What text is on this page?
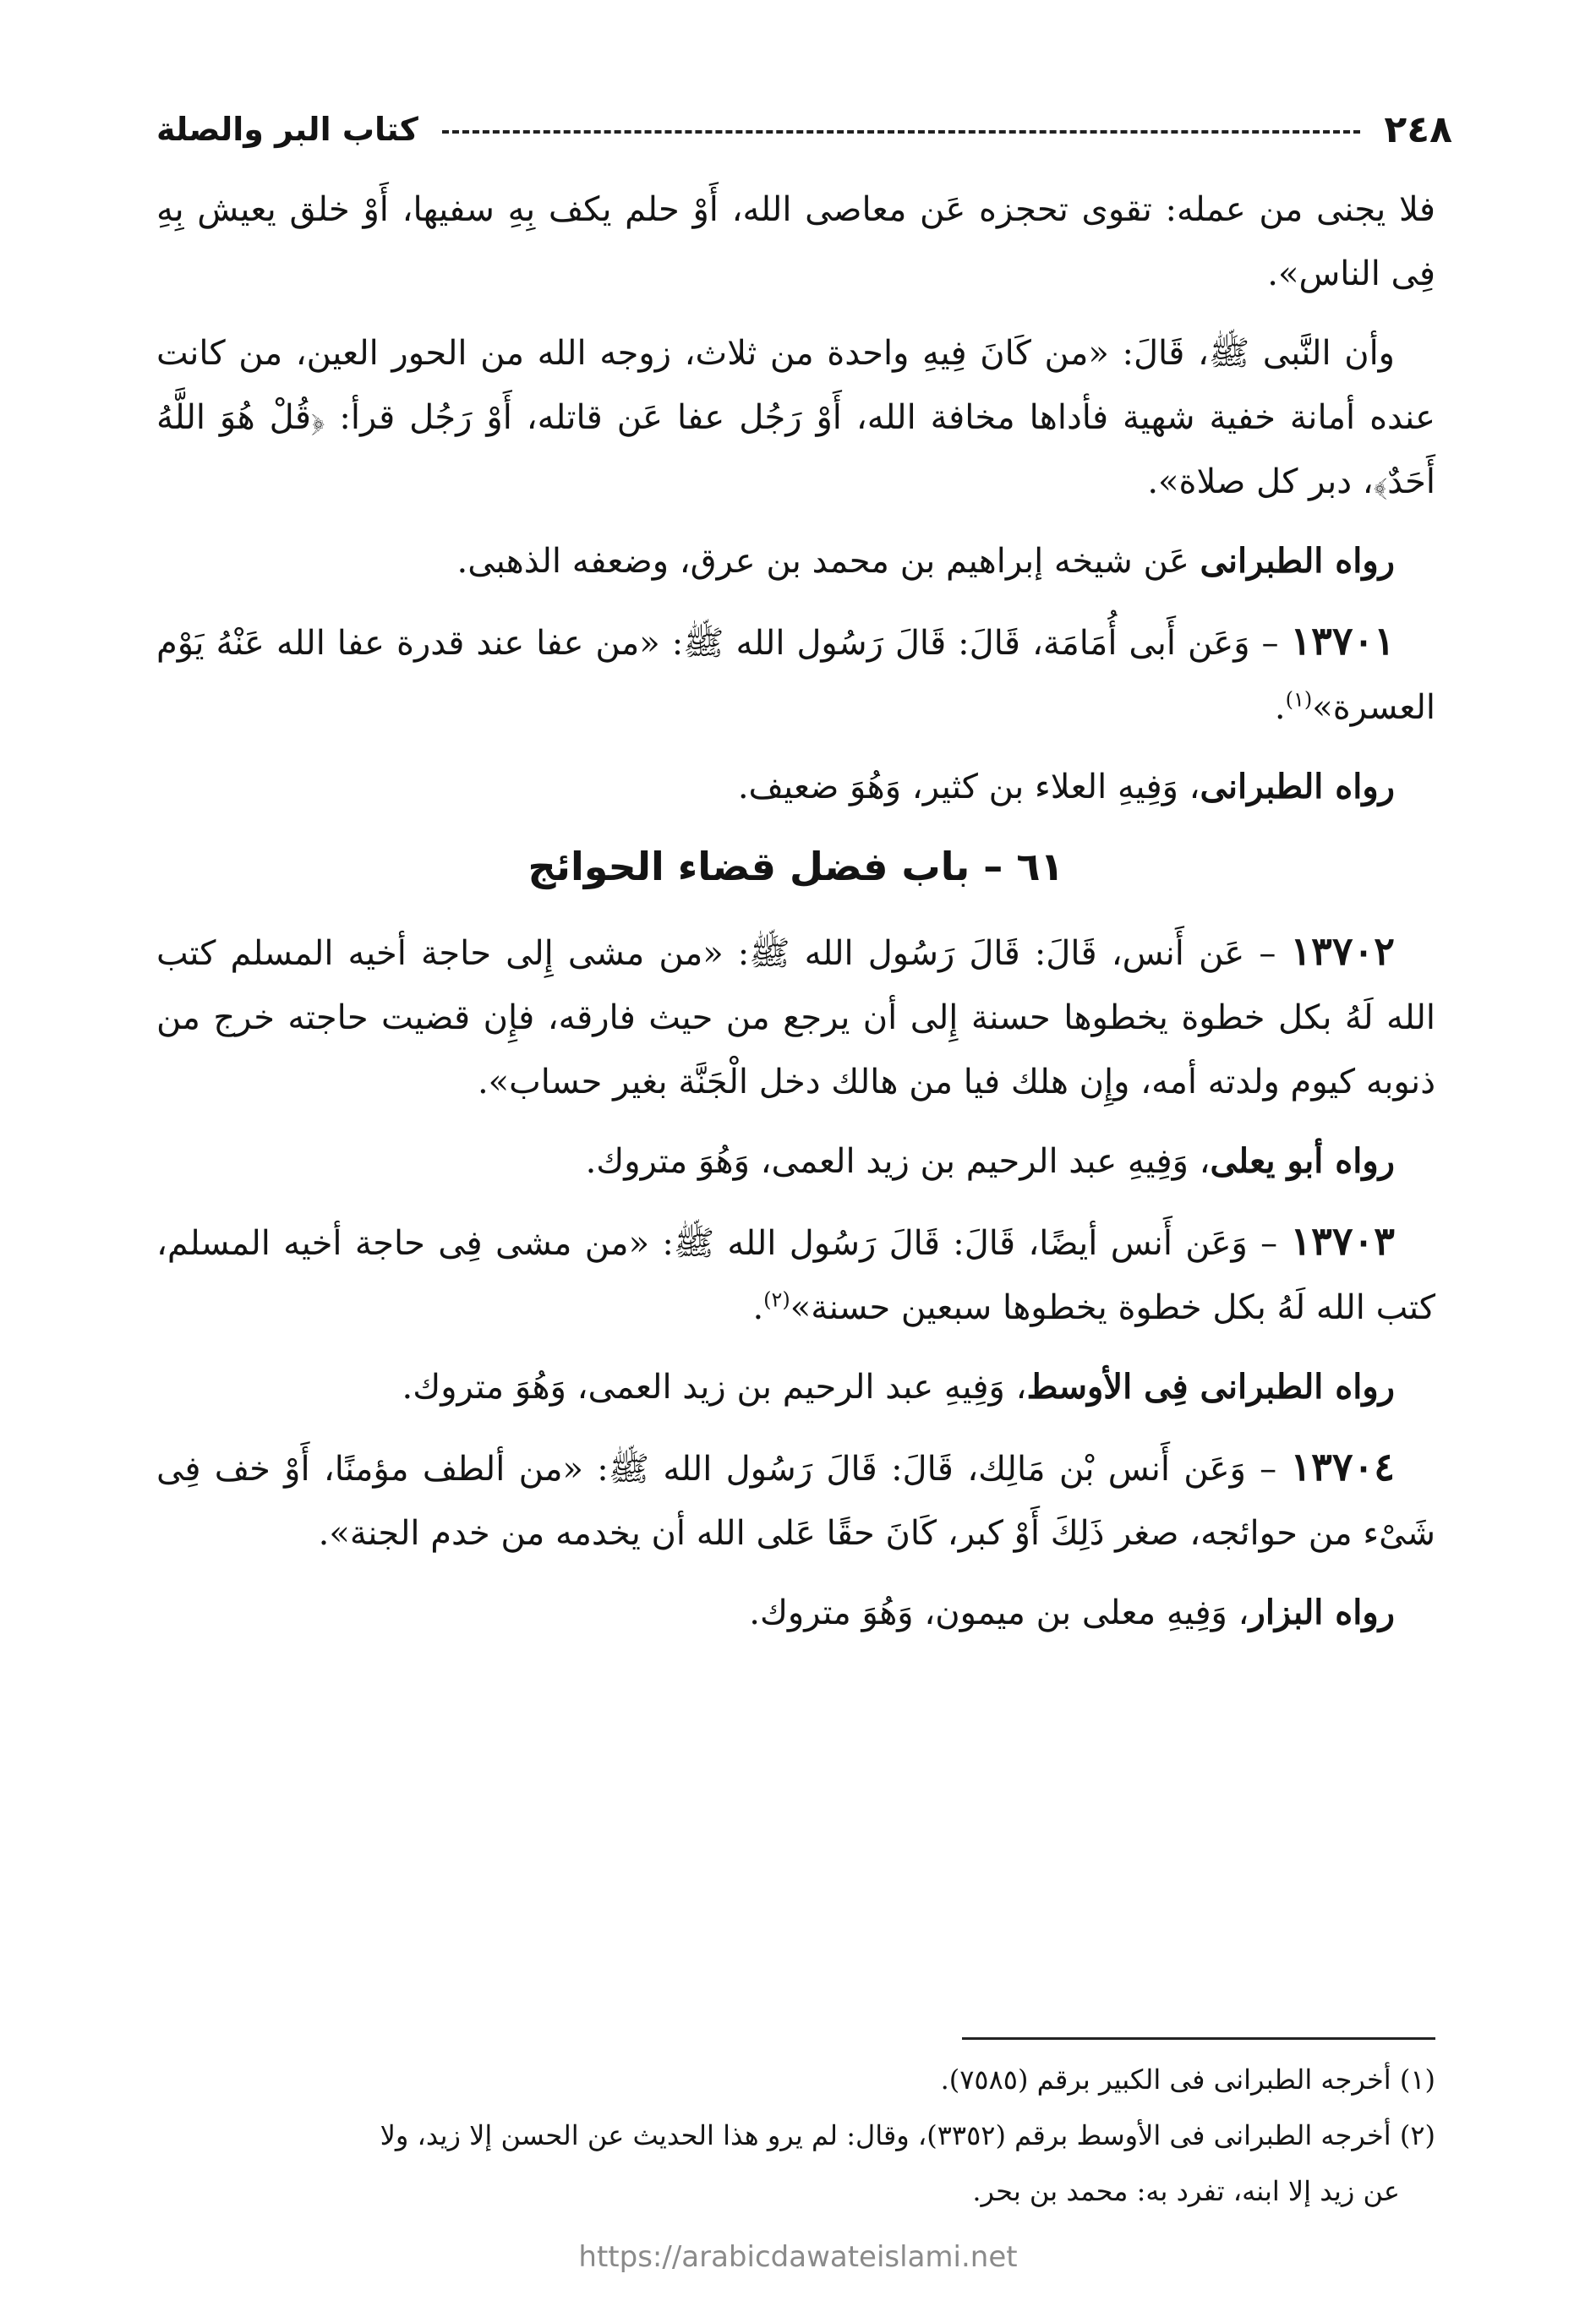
٢٤٨
كتاب البر والصلة

فلا يجنى من عمله: تقوى تحجزه عَن معاصى الله، أَوْ حلم يكف بِهِ سفيها، أَوْ خلق يعيش بِهِ فِى الناس».

وأن النَّبى ﷺ، قَالَ: «من كَانَ فِيهِ واحدة من ثلاث، زوجه الله من الحور العين، من كانت عنده أمانة خفية شهية فأداها مخافة الله، أَوْ رَجُل عفا عَن قاتله، أَوْ رَجُل قرأ: ﴿قُلْ هُوَ اللَّهُ أَحَدٌ﴾، دبر كل صلاة».

رواه الطبرانى عَن شيخه إبراهيم بن محمد بن عرق، وضعفه الذهبى.

١٣٧٠١ – وَعَن أَبى أُمَامَة، قَالَ: قَالَ رَسُول الله ﷺ: «من عفا عند قدرة عفا الله عَنْهُ يَوْم العسرة»$^{(١)}$.

رواه الطبرانى، وَفِيهِ العلاء بن كثير، وَهُوَ ضعيف.

٦١ – باب فضل قضاء الحوائج

١٣٧٠٢ – عَن أَنس، قَالَ: قَالَ رَسُول الله ﷺ: «من مشى إِلى حاجة أخيه المسلم كتب الله لَهُ بكل خطوة يخطوها حسنة إِلى أن يرجع من حيث فارقه، فإِن قضيت حاجته خرج من ذنوبه كيوم ولدته أمه، وإِن هلك فيا من هالك دخل الْجَنَّة بغير حساب».

رواه أبو يعلى، وَفِيهِ عبد الرحيم بن زيد العمى، وَهُوَ متروك.

١٣٧٠٣ – وَعَن أَنس أيضًا، قَالَ: قَالَ رَسُول الله ﷺ: «من مشى فِى حاجة أخيه المسلم، كتب الله لَهُ بكل خطوة يخطوها سبعين حسنة»$^{(٢)}$.

رواه الطبرانى فِى الأوسط، وَفِيهِ عبد الرحيم بن زيد العمى، وَهُوَ متروك.

١٣٧٠٤ – وَعَن أَنس بْن مَالِك، قَالَ: قَالَ رَسُول الله ﷺ: «من ألطف مؤمنًا، أَوْ خف فِى شَىْء من حوائجه، صغر ذَلِكَ أَوْ كبر، كَانَ حقًا عَلى الله أن يخدمه من خدم الجنة».

رواه البزار، وَفِيهِ معلى بن ميمون، وَهُوَ متروك.

(١) أخرجه الطبرانى فى الكبير برقم (٧٥٨٥).

(٢) أخرجه الطبرانى فى الأوسط برقم (٣٣٥٢)، وقال: لم يرو هذا الحديث عن الحسن إلا زيد، ولا

عن زيد إلا ابنه، تفرد به: محمد بن بحر.

https://arabicdawateislami.net
